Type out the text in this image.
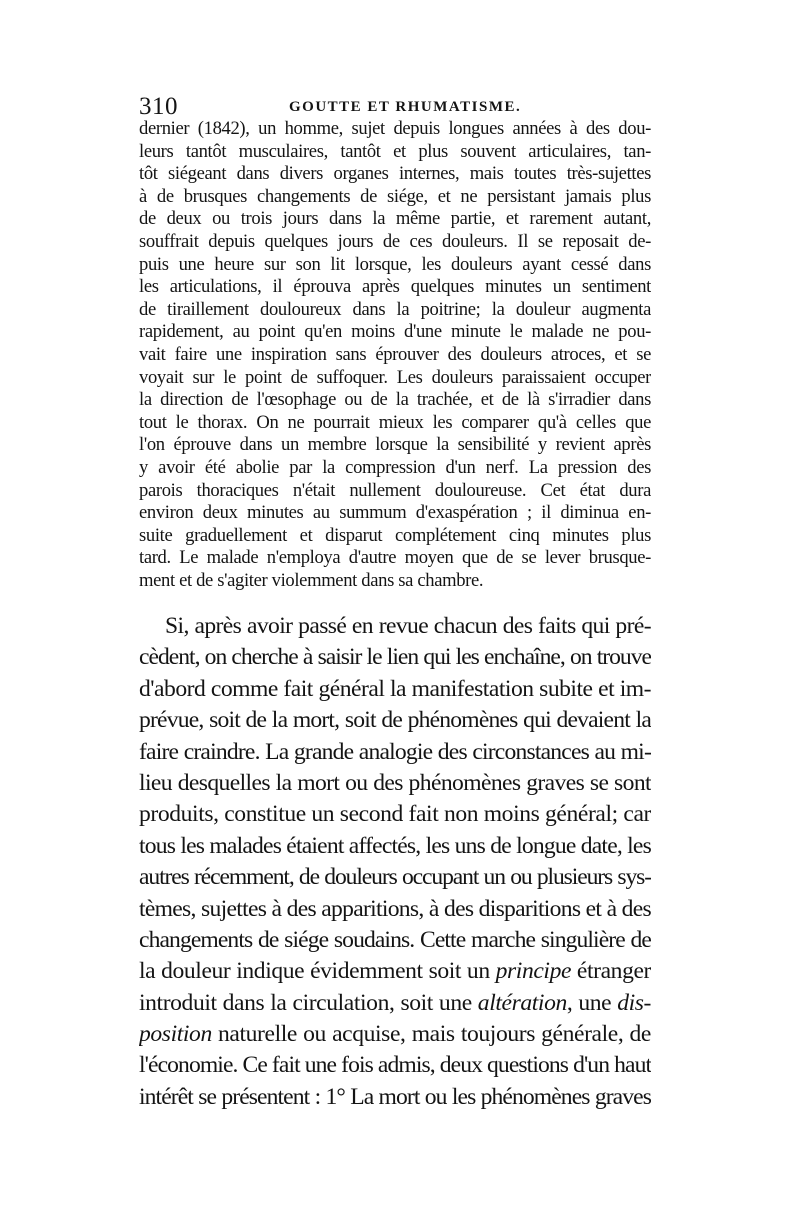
310	GOUTTE ET RHUMATISME.
dernier (1842), un homme, sujet depuis longues années à des dou-
leurs tantôt musculaires, tantôt et plus souvent articulaires, tan-
tôt siégeant dans divers organes internes, mais toutes très-sujettes
à de brusques changements de siége, et ne persistant jamais plus
de deux ou trois jours dans la même partie, et rarement autant,
souffrait depuis quelques jours de ces douleurs. Il se reposait de-
puis une heure sur son lit lorsque, les douleurs ayant cessé dans
les articulations, il éprouva après quelques minutes un sentiment
de tiraillement douloureux dans la poitrine; la douleur augmenta
rapidement, au point qu'en moins d'une minute le malade ne pou-
vait faire une inspiration sans éprouver des douleurs atroces, et se
voyait sur le point de suffoquer. Les douleurs paraissaient occuper
la direction de l'œsophage ou de la trachée, et de là s'irradier dans
tout le thorax. On ne pourrait mieux les comparer qu'à celles que
l'on éprouve dans un membre lorsque la sensibilité y revient après
y avoir été abolie par la compression d'un nerf. La pression des
parois thoraciques n'était nullement douloureuse. Cet état dura
environ deux minutes au summum d'exaspération ; il diminua en-
suite graduellement et disparut complétement cinq minutes plus
tard. Le malade n'employa d'autre moyen que de se lever brusque-
ment et de s'agiter violemment dans sa chambre.
Si, après avoir passé en revue chacun des faits qui pré-
cèdent, on cherche à saisir le lien qui les enchaîne, on trouve
d'abord comme fait général la manifestation subite et im-
prévue, soit de la mort, soit de phénomènes qui devaient la
faire craindre. La grande analogie des circonstances au mi-
lieu desquelles la mort ou des phénomènes graves se sont
produits, constitue un second fait non moins général; car
tous les malades étaient affectés, les uns de longue date, les
autres récemment, de douleurs occupant un ou plusieurs sys-
tèmes, sujettes à des apparitions, à des disparitions et à des
changements de siége soudains. Cette marche singulière de
la douleur indique évidemment soit un principe étranger
introduit dans la circulation, soit une altération, une dis-
position naturelle ou acquise, mais toujours générale, de
l'économie. Ce fait une fois admis, deux questions d'un haut
intérêt se présentent : 1° La mort ou les phénomènes graves
